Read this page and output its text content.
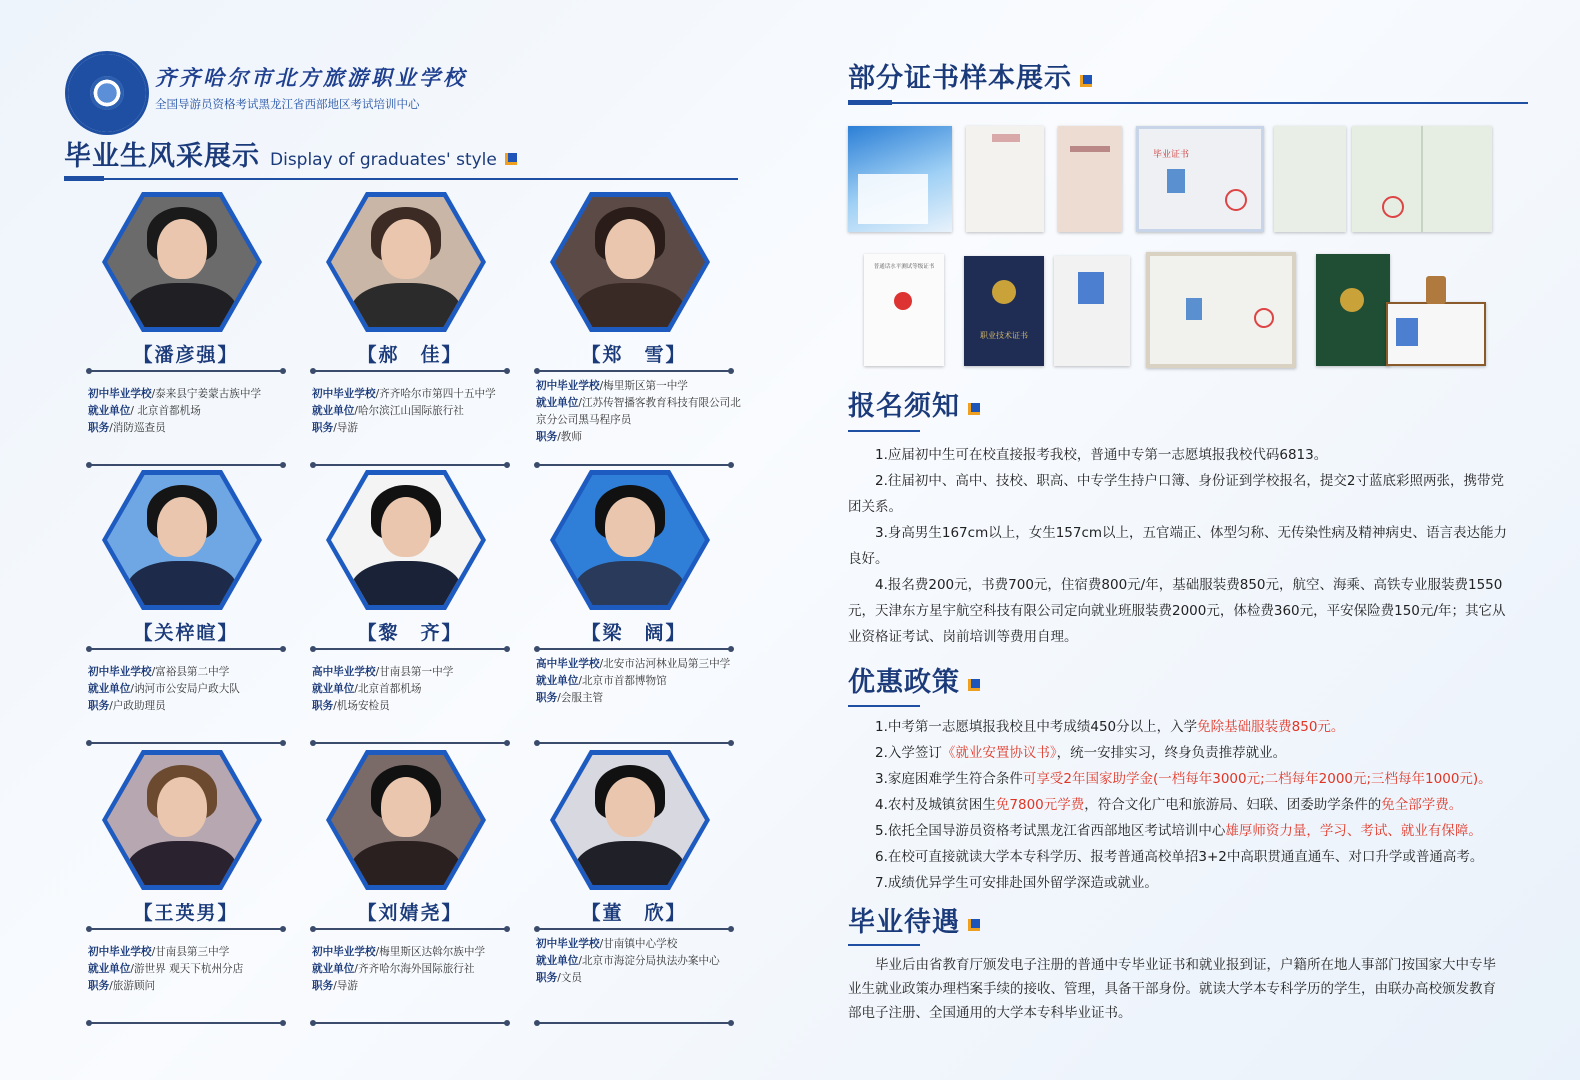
齐齐哈尔市北方旅游职业学校
全国导游员资格考试黑龙江省西部地区考试培训中心
毕业生风采展示 Display of graduates' style
【潘彦强】
初中毕业学校/泰来县宁姜蒙古族中学
就业单位/ 北京首都机场
职务/消防巡查员
【郝　佳】
初中毕业学校/齐齐哈尔市第四十五中学
就业单位/哈尔滨江山国际旅行社
职务/导游
【郑　雪】
初中毕业学校/梅里斯区第一中学
就业单位/江苏传智播客教育科技有限公司北京分公司黑马程序员
职务/教师
【关梓暄】
初中毕业学校/富裕县第二中学
就业单位/讷河市公安局户政大队
职务/户政助理员
【黎　齐】
高中毕业学校/甘南县第一中学
就业单位/北京首都机场
职务/机场安检员
【梁　阔】
高中毕业学校/北安市沾河林业局第三中学
就业单位/北京市首都博物馆
职务/会服主管
【王英男】
初中毕业学校/甘南县第三中学
就业单位/游世界 观天下杭州分店
职务/旅游顾问
【刘婧尧】
初中毕业学校/梅里斯区达斡尔族中学
就业单位/齐齐哈尔海外国际旅行社
职务/导游
【董　欣】
初中毕业学校/甘南镇中心学校
就业单位/北京市海淀分局执法办案中心
职务/文员
部分证书样本展示
毕业证书
普通话水平测试等级证书
职业技术证书
报名须知

1.应届初中生可在校直接报考我校，普通中专第一志愿填报我校代码6813。

2.往届初中、高中、技校、职高、中专学生持户口簿、身份证到学校报名，提交2寸蓝底彩照两张，携带党团关系。

3.身高男生167cm以上，女生157cm以上，五官端正、体型匀称、无传染性病及精神病史、语言表达能力良好。

4.报名费200元，书费700元，住宿费800元/年，基础服装费850元，航空、海乘、高铁专业服装费1550元，天津东方星宇航空科技有限公司定向就业班服装费2000元，体检费360元，平安保险费150元/年；其它从业资格证考试、岗前培训等费用自理。

优惠政策

1.中考第一志愿填报我校且中考成绩450分以上，入学免除基础服装费850元。

2.入学签订《就业安置协议书》，统一安排实习，终身负责推荐就业。

3.家庭困难学生符合条件可享受2年国家助学金(一档每年3000元;二档每年2000元;三档每年1000元)。

4.农村及城镇贫困生免7800元学费，符合文化广电和旅游局、妇联、团委助学条件的免全部学费。

5.依托全国导游员资格考试黑龙江省西部地区考试培训中心雄厚师资力量，学习、考试、就业有保障。

6.在校可直接就读大学本专科学历、报考普通高校单招3+2中高职贯通直通车、对口升学或普通高考。

7.成绩优异学生可安排赴国外留学深造或就业。

毕业待遇

毕业后由省教育厅颁发电子注册的普通中专毕业证书和就业报到证，户籍所在地人事部门按国家大中专毕业生就业政策办理档案手续的接收、管理，具备干部身份。就读大学本专科学历的学生，由联办高校颁发教育部电子注册、全国通用的大学本专科毕业证书。
